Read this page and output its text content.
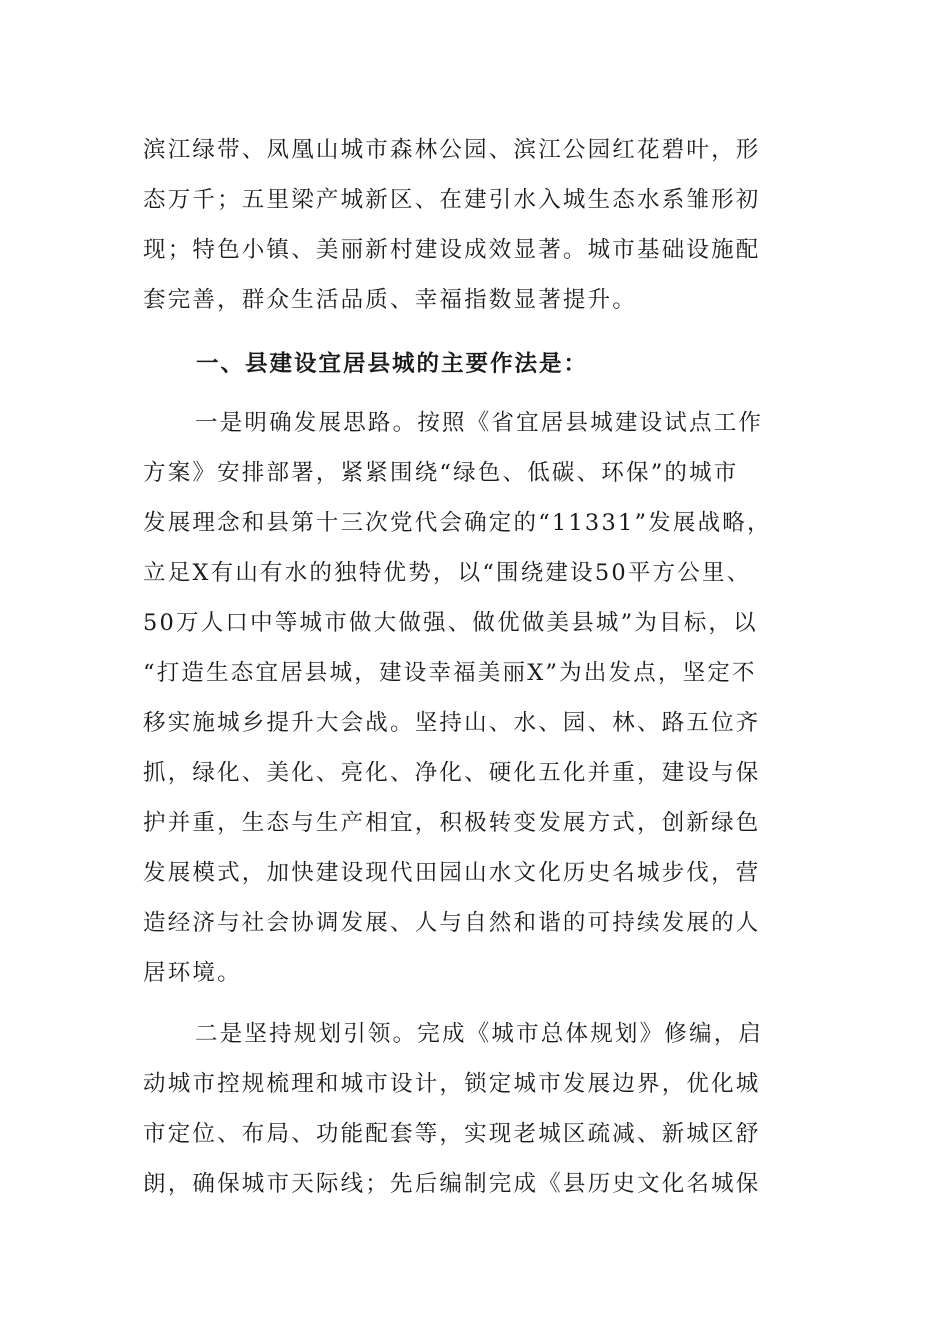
滨江绿带、凤凰山城市森林公园、滨江公园红花碧叶，形
态万千；五里梁产城新区、在建引水入城生态水系雏形初
现；特色小镇、美丽新村建设成效显著。城市基础设施配
套完善，群众生活品质、幸福指数显著提升。
一、县建设宜居县城的主要作法是：
一是明确发展思路。按照《省宜居县城建设试点工作
方案》安排部署，紧紧围绕“绿色、低碳、环保”的城市
发展理念和县第十三次党代会确定的“11331”发展战略，
立足X有山有水的独特优势，以“围绕建设50平方公里、
50万人口中等城市做大做强、做优做美县城”为目标，以
“打造生态宜居县城，建设幸福美丽X”为出发点，坚定不
移实施城乡提升大会战。坚持山、水、园、林、路五位齐
抓，绿化、美化、亮化、净化、硬化五化并重，建设与保
护并重，生态与生产相宜，积极转变发展方式，创新绿色
发展模式，加快建设现代田园山水文化历史名城步伐，营
造经济与社会协调发展、人与自然和谐的可持续发展的人
居环境。
二是坚持规划引领。完成《城市总体规划》修编，启
动城市控规梳理和城市设计，锁定城市发展边界，优化城
市定位、布局、功能配套等，实现老城区疏减、新城区舒
朗，确保城市天际线；先后编制完成《县历史文化名城保
